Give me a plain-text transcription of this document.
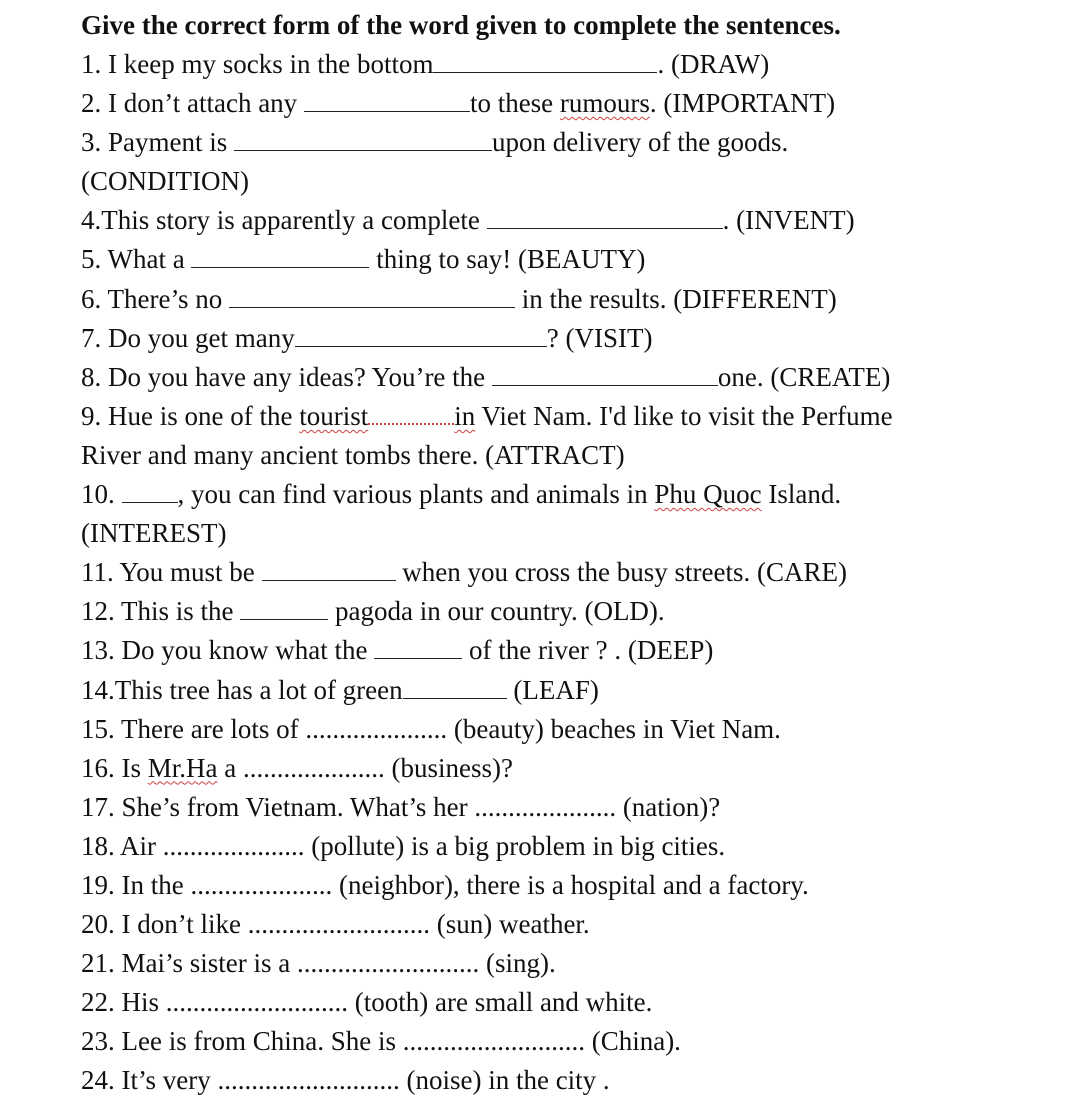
Give the correct form of the word given to complete the sentences.
1. I keep my socks in the bottom	. (DRAW)
2. I don’t attach any	to these rumours. (IMPORTANT)
3. Payment is	upon delivery of the goods.
(CONDITION)
4.This story is apparently a complete	. (INVENT)
5. What a	thing to say! (BEAUTY)
6. There’s no	in the results. (DIFFERENT)
7. Do you get many	? (VISIT)
8. Do you have any ideas? You’re the	one. (CREATE)
9. Hue is one of the tourist	in Viet Nam. I'd like to visit the Perfume
River and many ancient tombs there. (ATTRACT)
10. , you can find various plants and animals in Phu Quoc Island.
(INTEREST)
11. You must be	when you cross the busy streets. (CARE)
12. This is the	pagoda in our country. (OLD).
13. Do you know what the	of the river ? . (DEEP)
14.This tree has a lot of green	(LEAF)
15. There are lots of ..................... (beauty) beaches in Viet Nam.
16. Is Mr.Ha a ..................... (business)?
17. She’s from Vietnam. What’s her ..................... (nation)?
18. Air ..................... (pollute) is a big problem in big cities.
19. In the ..................... (neighbor), there is a hospital and a factory.
20. I don’t like ........................... (sun) weather.
21. Mai’s sister is a ........................... (sing).
22. His ........................... (tooth) are small and white.
23. Lee is from China. She is ........................... (China).
24. It’s very ........................... (noise) in the city .
